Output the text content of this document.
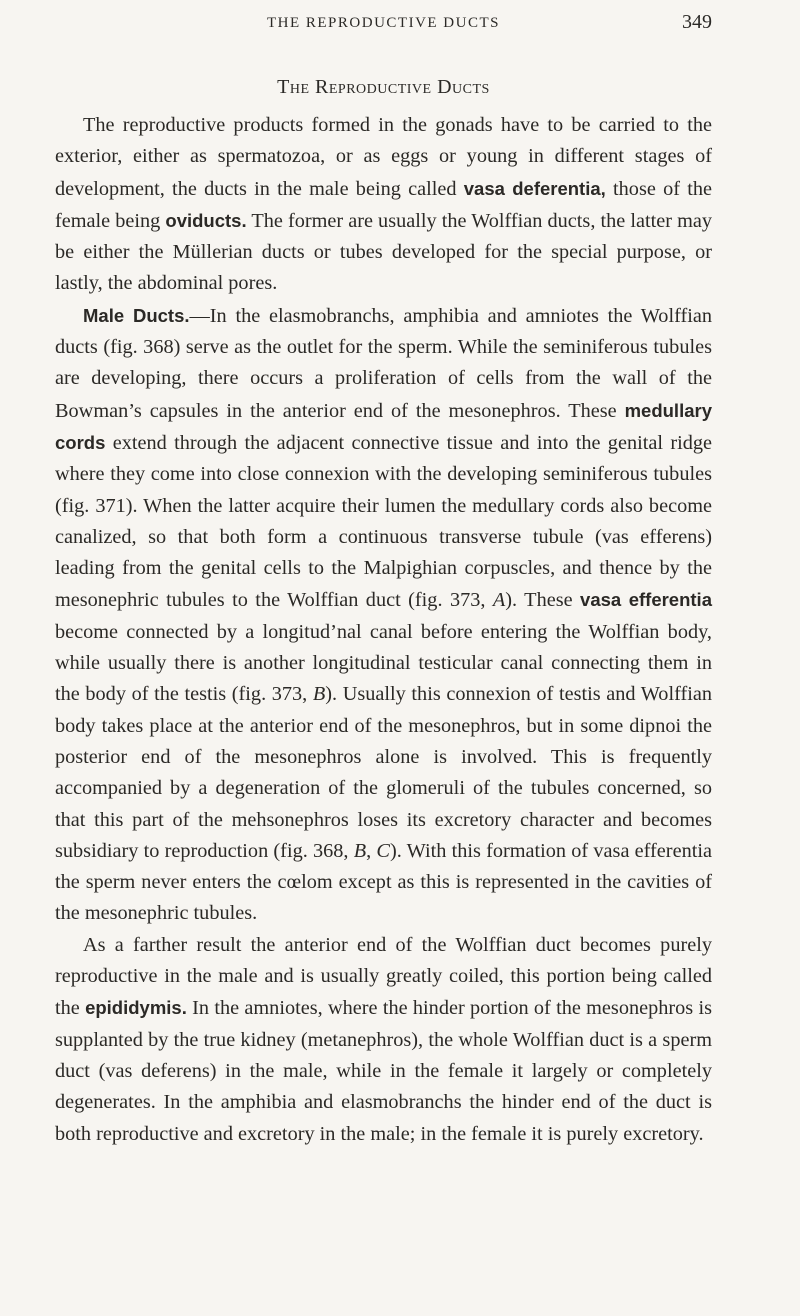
THE REPRODUCTIVE DUCTS	349
The Reproductive Ducts

The reproductive products formed in the gonads have to be carried to the exterior, either as spermatozoa, or as eggs or young in different stages of development, the ducts in the male being called vasa deferentia, those of the female being oviducts. The former are usually the Wolffian ducts, the latter may be either the Müllerian ducts or tubes developed for the special purpose, or lastly, the abdominal pores.

Male Ducts.—In the elasmobranchs, amphibia and amniotes the Wolffian ducts (fig. 368) serve as the outlet for the sperm. While the seminiferous tubules are developing, there occurs a proliferation of cells from the wall of the Bowman’s capsules in the anterior end of the mesonephros. These medullary cords extend through the adjacent connective tissue and into the genital ridge where they come into close connexion with the developing seminiferous tubules (fig. 371). When the latter acquire their lumen the medullary cords also become canalized, so that both form a continuous transverse tubule (vas efferens) leading from the genital cells to the Malpighian corpuscles, and thence by the mesonephric tubules to the Wolffian duct (fig. 373, A). These vasa efferentia become connected by a longitud’nal canal before entering the Wolffian body, while usually there is another longitudinal testicular canal connecting them in the body of the testis (fig. 373, B). Usually this connexion of testis and Wolffian body takes place at the anterior end of the mesonephros, but in some dipnoi the posterior end of the mesonephros alone is involved. This is frequently accompanied by a degeneration of the glomeruli of the tubules concerned, so that this part of the mehsonephros loses its excretory character and becomes subsidiary to reproduction (fig. 368, B, C). With this formation of vasa efferentia the sperm never enters the cœlom except as this is represented in the cavities of the mesonephric tubules.

As a farther result the anterior end of the Wolffian duct becomes purely reproductive in the male and is usually greatly coiled, this portion being called the epididymis. In the amniotes, where the hinder portion of the mesonephros is supplanted by the true kidney (metanephros), the whole Wolffian duct is a sperm duct (vas deferens) in the male, while in the female it largely or completely degenerates. In the amphibia and elasmobranchs the hinder end of the duct is both reproductive and excretory in the male; in the female it is purely excretory.
